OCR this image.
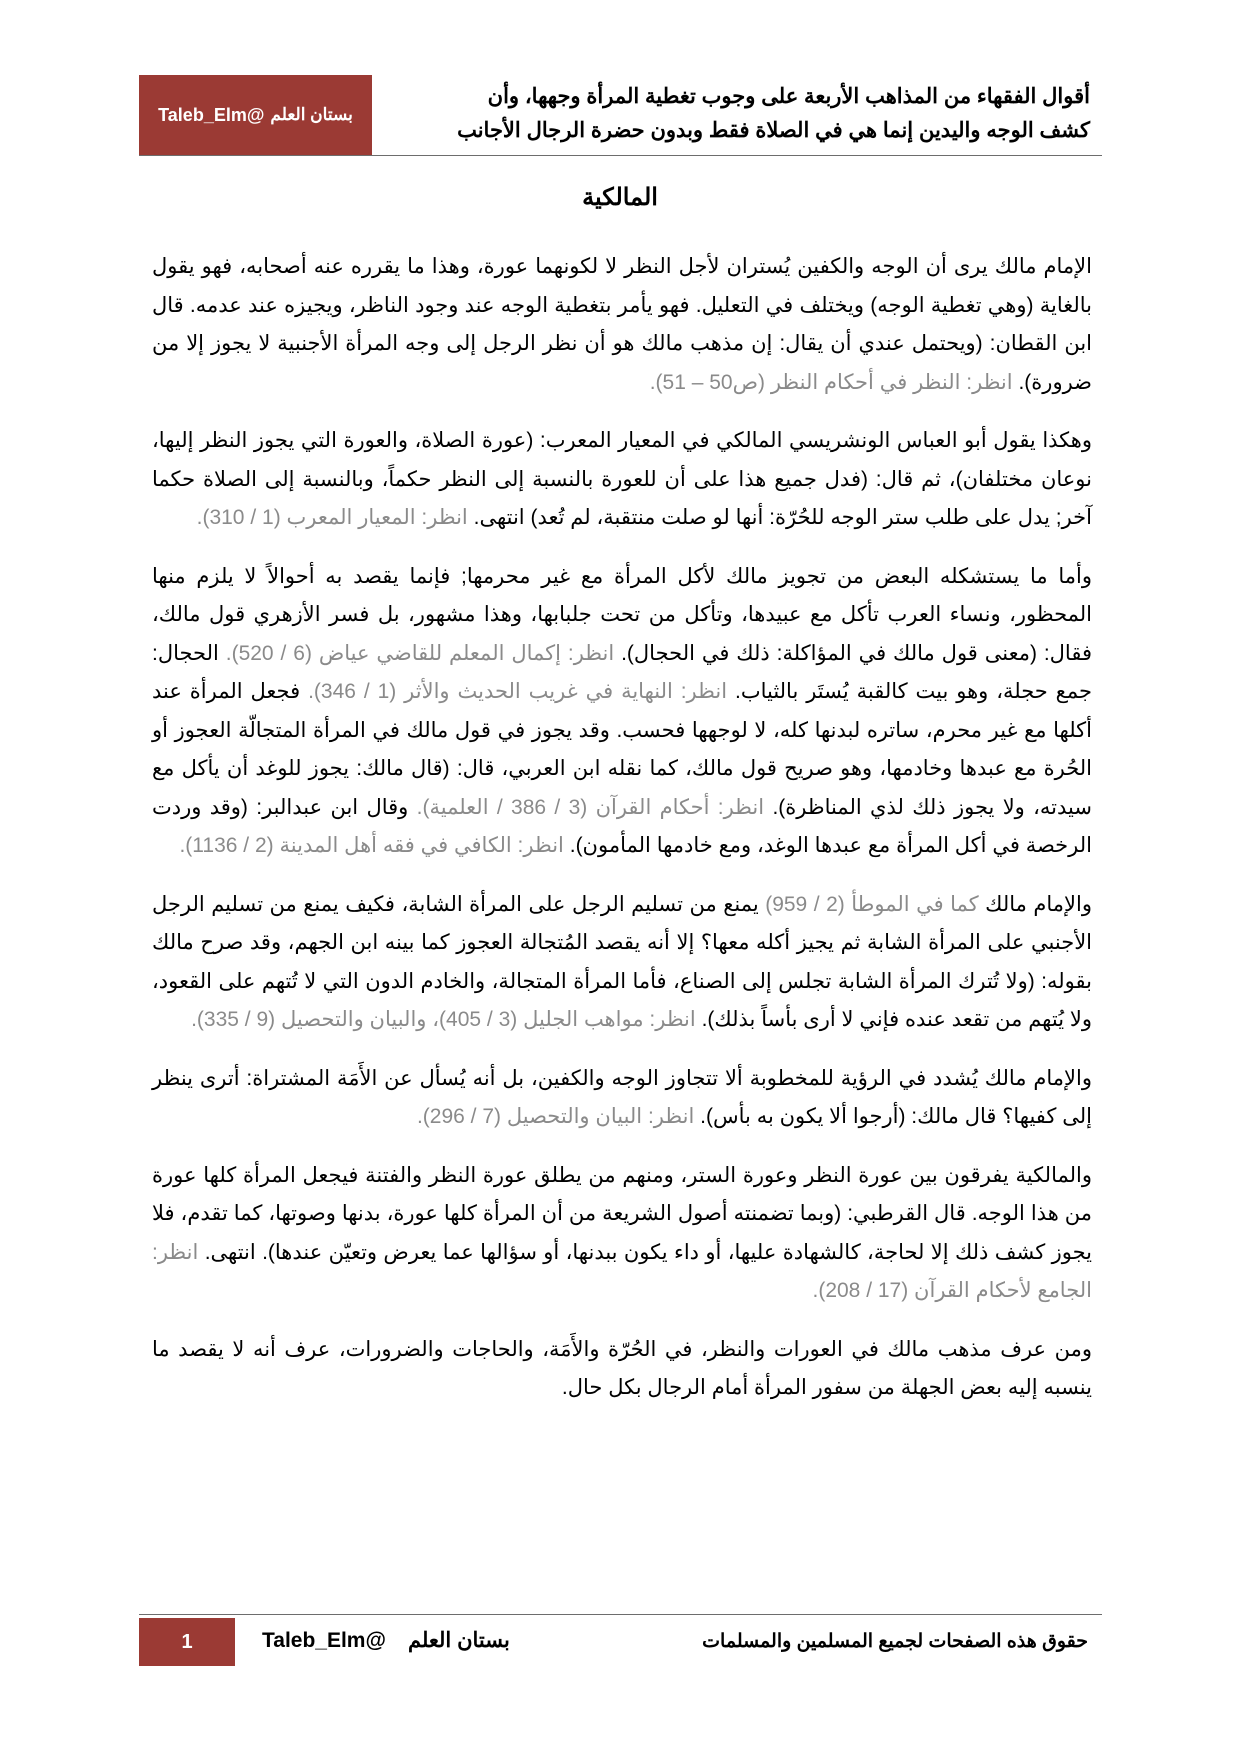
بستان العلم
@Taleb_Elm
أقوال الفقهاء من المذاهب الأربعة على وجوب تغطية المرأة وجهها، وأن
كشف الوجه واليدين إنما هي في الصلاة فقط وبدون حضرة الرجال الأجانب
المالكية

الإمام مالك يرى أن الوجه والكفين يُستران لأجل النظر لا لكونهما عورة، وهذا ما يقرره عنه أصحابه، فهو يقول بالغاية (وهي تغطية الوجه) ويختلف في التعليل. فهو يأمر بتغطية الوجه عند وجود الناظر، ويجيزه عند عدمه. قال ابن القطان: (ويحتمل عندي أن يقال: إن مذهب مالك هو أن نظر الرجل إلى وجه المرأة الأجنبية لا يجوز إلا من ضرورة). انظر: النظر في أحكام النظر (ص50 – 51).

وهكذا يقول أبو العباس الونشريسي المالكي في المعيار المعرب: (عورة الصلاة، والعورة التي يجوز النظر إليها، نوعان مختلفان)، ثم قال: (فدل جميع هذا على أن للعورة بالنسبة إلى النظر حكماً، وبالنسبة إلى الصلاة حكما آخر; يدل على طلب ستر الوجه للحُرّة: أنها لو صلت منتقبة، لم تُعد) انتهى. انظر: المعيار المعرب (1 / 310).

وأما ما يستشكله البعض من تجويز مالك لأكل المرأة مع غير محرمها; فإنما يقصد به أحوالاً لا يلزم منها المحظور، ونساء العرب تأكل مع عبيدها، وتأكل من تحت جلبابها، وهذا مشهور، بل فسر الأزهري قول مالك، فقال: (معنى قول مالك في المؤاكلة: ذلك في الحجال). انظر: إكمال المعلم للقاضي عياض (6 / 520). الحجال: جمع حجلة، وهو بيت كالقبة يُستَر بالثياب. انظر: النهاية في غريب الحديث والأثر (1 / 346). فجعل المرأة عند أكلها مع غير محرم، ساتره لبدنها كله، لا لوجهها فحسب. وقد يجوز في قول مالك في المرأة المتجالّة العجوز أو الحُرة مع عبدها وخادمها، وهو صريح قول مالك، كما نقله ابن العربي، قال: (قال مالك: يجوز للوغد أن يأكل مع سيدته، ولا يجوز ذلك لذي المناظرة). انظر: أحكام القرآن (3 / 386 / العلمية). وقال ابن عبدالبر: (وقد وردت الرخصة في أكل المرأة مع عبدها الوغد، ومع خادمها المأمون). انظر: الكافي في فقه أهل المدينة (2 / 1136).

والإمام مالك كما في الموطأ (2 / 959) يمنع من تسليم الرجل على المرأة الشابة، فكيف يمنع من تسليم الرجل الأجنبي على المرأة الشابة ثم يجيز أكله معها؟ إلا أنه يقصد المُتجالة العجوز كما بينه ابن الجهم، وقد صرح مالك بقوله: (ولا تُترك المرأة الشابة تجلس إلى الصناع، فأما المرأة المتجالة، والخادم الدون التي لا تُتهم على القعود، ولا يُتهم من تقعد عنده فإني لا أرى بأساً بذلك). انظر: مواهب الجليل (3 / 405)، والبيان والتحصيل (9 / 335).

والإمام مالك يُشدد في الرؤية للمخطوبة ألا تتجاوز الوجه والكفين، بل أنه يُسأل عن الأَمَة المشتراة: أترى ينظر إلى كفيها؟ قال مالك: (أرجوا ألا يكون به بأس). انظر: البيان والتحصيل (7 / 296).

والمالكية يفرقون بين عورة النظر وعورة الستر، ومنهم من يطلق عورة النظر والفتنة فيجعل المرأة كلها عورة من هذا الوجه. قال القرطبي: (وبما تضمنته أصول الشريعة من أن المرأة كلها عورة، بدنها وصوتها، كما تقدم، فلا يجوز كشف ذلك إلا لحاجة، كالشهادة عليها، أو داء يكون ببدنها، أو سؤالها عما يعرض وتعيّن عندها). انتهى. انظر: الجامع لأحكام القرآن (17 / 208).

ومن عرف مذهب مالك في العورات والنظر، في الحُرّة والأَمَة، والحاجات والضرورات، عرف أنه لا يقصد ما ينسبه إليه بعض الجهلة من سفور المرأة أمام الرجال بكل حال.

1	بستان العلم@Taleb_Elm	حقوق هذه الصفحات لجميع المسلمين والمسلمات
